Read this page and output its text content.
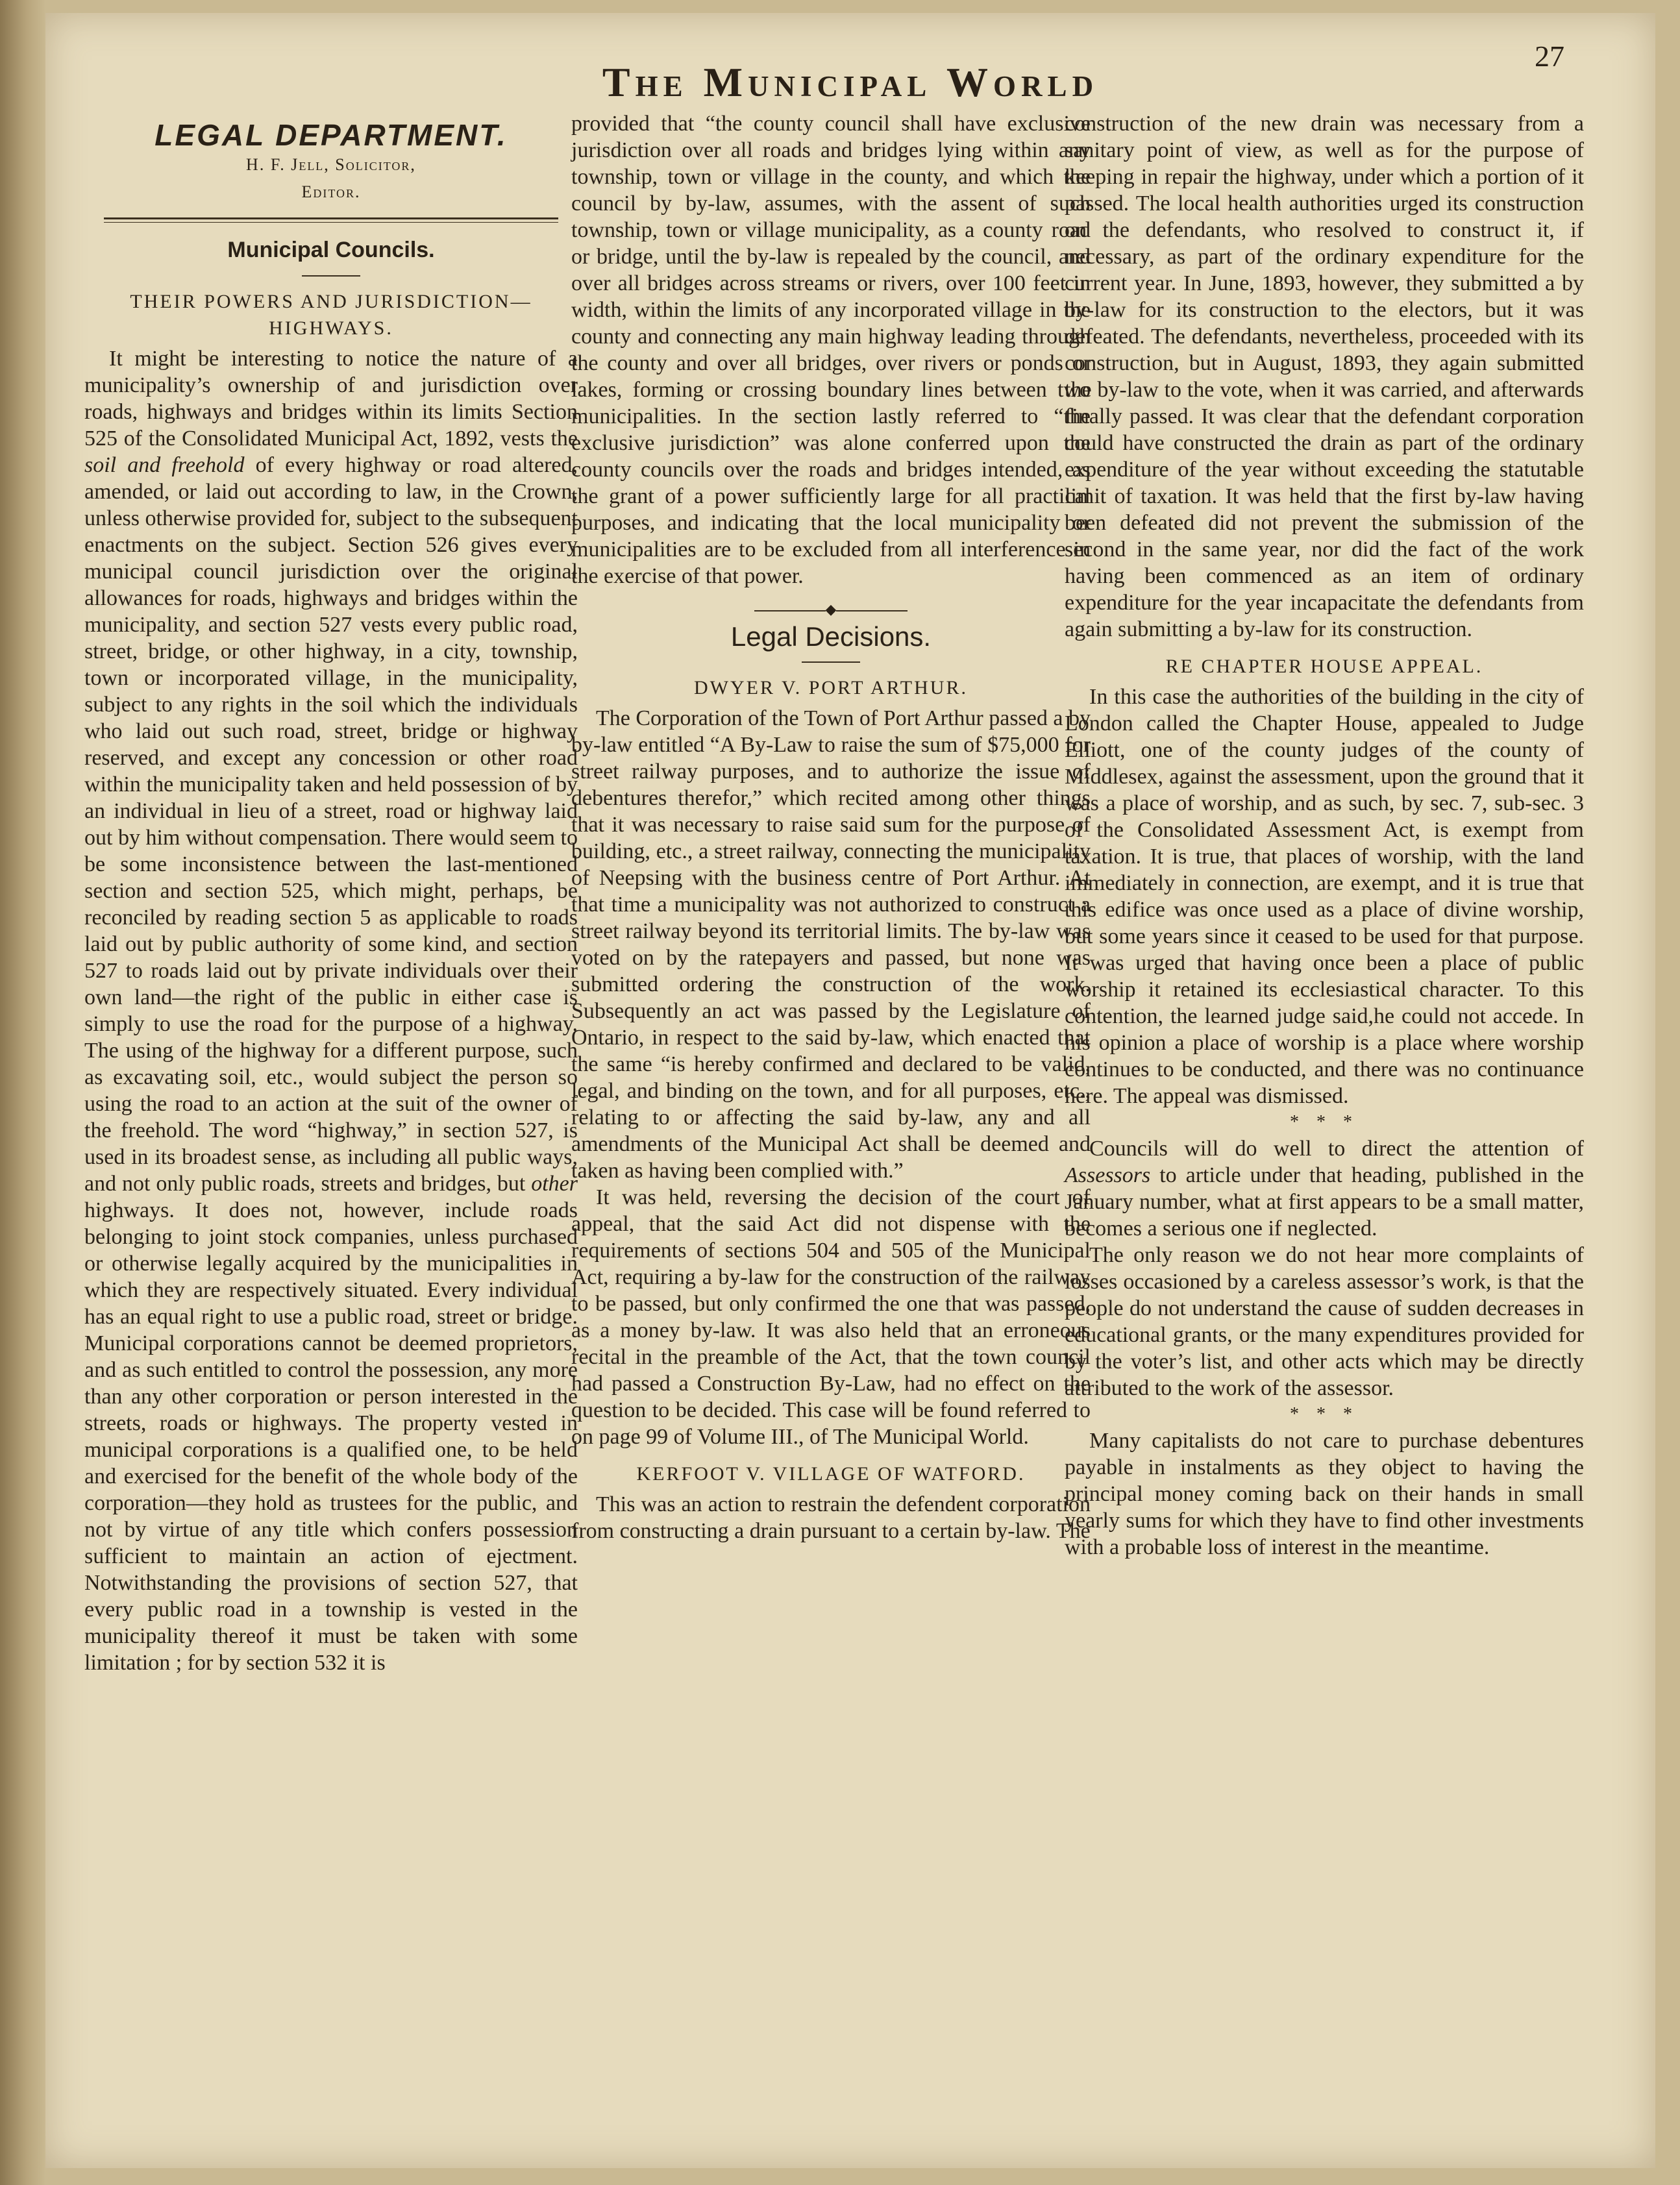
The Municipal World
27
LEGAL DEPARTMENT.
H. F. Jell, Solicitor,
Editor.
Municipal Councils.
THEIR POWERS AND JURISDICTION— HIGHWAYS.

It might be interesting to notice the nature of a municipality’s ownership of and jurisdiction over roads, highways and bridges within its limits Section 525 of the Consolidated Municipal Act, 1892, vests the soil and freehold of every highway or road altered, amended, or laid out according to law, in the Crown, unless otherwise provided for, subject to the subsequent enactments on the subject. Section 526 gives every municipal council jurisdiction over the original allowances for roads, highways and bridges within the municipality, and section 527 vests every public road, street, bridge, or other highway, in a city, township, town or incorporated village, in the municipality, subject to any rights in the soil which the individuals who laid out such road, street, bridge or highway reserved, and except any concession or other road within the municipality taken and held possession of by an individual in lieu of a street, road or highway laid out by him without compensation. There would seem to be some inconsistence between the last-mentioned section and section 525, which might, perhaps, be reconciled by reading section 5 as applicable to roads laid out by public authority of some kind, and section 527 to roads laid out by private individuals over their own land—the right of the public in either case is simply to use the road for the purpose of a highway. The using of the highway for a different purpose, such as excavating soil, etc., would subject the person so using the road to an action at the suit of the owner of the freehold. The word “highway,” in section 527, is used in its broadest sense, as including all public ways, and not only public roads, streets and bridges, but other highways. It does not, however, include roads belonging to joint stock companies, unless purchased or otherwise legally acquired by the municipalities in which they are respectively situated. Every individual has an equal right to use a public road, street or bridge. Municipal corporations cannot be deemed proprietors, and as such entitled to control the possession, any more than any other corporation or person interested in the streets, roads or highways. The property vested in municipal corporations is a qualified one, to be held and exercised for the benefit of the whole body of the corporation—they hold as trustees for the public, and not by virtue of any title which confers possession sufficient to maintain an action of ejectment. Notwithstanding the provisions of section 527, that every public road in a township is vested in the municipality thereof it must be taken with some limitation ; for by section 532 it is

provided that “the county council shall have exclusive jurisdiction over all roads and bridges lying within any township, town or village in the county, and which the council by by-law, assumes, with the assent of such township, town or village municipality, as a county road or bridge, until the by-law is repealed by the council, and over all bridges across streams or rivers, over 100 feet in width, within the limits of any incorporated village in the county and connecting any main highway leading through the county and over all bridges, over rivers or ponds or lakes, forming or crossing boundary lines between two municipalities. In the section lastly referred to “the exclusive jurisdiction” was alone conferred upon the county councils over the roads and bridges intended, as the grant of a power sufficiently large for all practical purposes, and indicating that the local municipality or municipalities are to be excluded from all interference in the exercise of that power.

◆
Legal Decisions.
DWYER V. PORT ARTHUR.

The Corporation of the Town of Port Arthur passed a by by-law entitled “A By-Law to raise the sum of $75,000 for street railway purposes, and to authorize the issue of debentures therefor,” which recited among other things that it was necessary to raise said sum for the purpose of building, etc., a street railway, connecting the municipality of Neepsing with the business centre of Port Arthur. At that time a municipality was not authorized to construct a street railway beyond its territorial limits. The by-law was voted on by the ratepayers and passed, but none was submitted ordering the construction of the work. Subsequently an act was passed by the Legislature of Ontario, in respect to the said by-law, which enacted that the same “is hereby confirmed and declared to be valid, legal, and binding on the town, and for all purposes, etc., relating to or affecting the said by-law, any and all amendments of the Municipal Act shall be deemed and taken as having been complied with.”

It was held, reversing the decision of the court of appeal, that the said Act did not dispense with the requirements of sections 504 and 505 of the Municipal Act, requiring a by-law for the construction of the railway to be passed, but only confirmed the one that was passed, as a money by-law. It was also held that an erroneous recital in the preamble of the Act, that the town council had passed a Construction By-Law, had no effect on the question to be decided. This case will be found referred to on page 99 of Volume III., of The Municipal World.

KERFOOT V. VILLAGE OF WATFORD.

This was an action to restrain the defendent corporation from constructing a drain pursuant to a certain by-law. The

construction of the new drain was necessary from a sanitary point of view, as well as for the purpose of keeping in repair the highway, under which a portion of it passed. The local health authorities urged its construction on the defendants, who resolved to construct it, if necessary, as part of the ordinary expenditure for the current year. In June, 1893, however, they submitted a by by-law for its construction to the electors, but it was defeated. The defendants, nevertheless, proceeded with its construction, but in August, 1893, they again submitted the by-law to the vote, when it was carried, and afterwards finally passed. It was clear that the defendant corporation could have constructed the drain as part of the ordinary expenditure of the year without exceeding the statutable limit of taxation. It was held that the first by-law having been defeated did not prevent the submission of the second in the same year, nor did the fact of the work having been commenced as an item of ordinary expenditure for the year incapacitate the defendants from again submitting a by-law for its construction.

RE CHAPTER HOUSE APPEAL.

In this case the authorities of the building in the city of London called the Chapter House, appealed to Judge Elliott, one of the county judges of the county of Middlesex, against the assessment, upon the ground that it was a place of worship, and as such, by sec. 7, sub-sec. 3 of the Consolidated Assessment Act, is exempt from taxation. It is true, that places of worship, with the land immediately in connection, are exempt, and it is true that this edifice was once used as a place of divine worship, but some years since it ceased to be used for that purpose. It was urged that having once been a place of public worship it retained its ecclesiastical character. To this contention, the learned judge said,he could not accede. In his opinion a place of worship is a place where worship continues to be conducted, and there was no continuance here. The appeal was dismissed.

* * *

Councils will do well to direct the attention of Assessors to article under that heading, published in the January number, what at first appears to be a small matter, becomes a serious one if neglected.

The only reason we do not hear more complaints of losses occasioned by a careless assessor’s work, is that the people do not understand the cause of sudden decreases in educational grants, or the many expenditures provided for by the voter’s list, and other acts which may be directly attributed to the work of the assessor.

* * *

Many capitalists do not care to purchase debentures payable in instalments as they object to having the principal money coming back on their hands in small yearly sums for which they have to find other investments with a probable loss of interest in the meantime.
